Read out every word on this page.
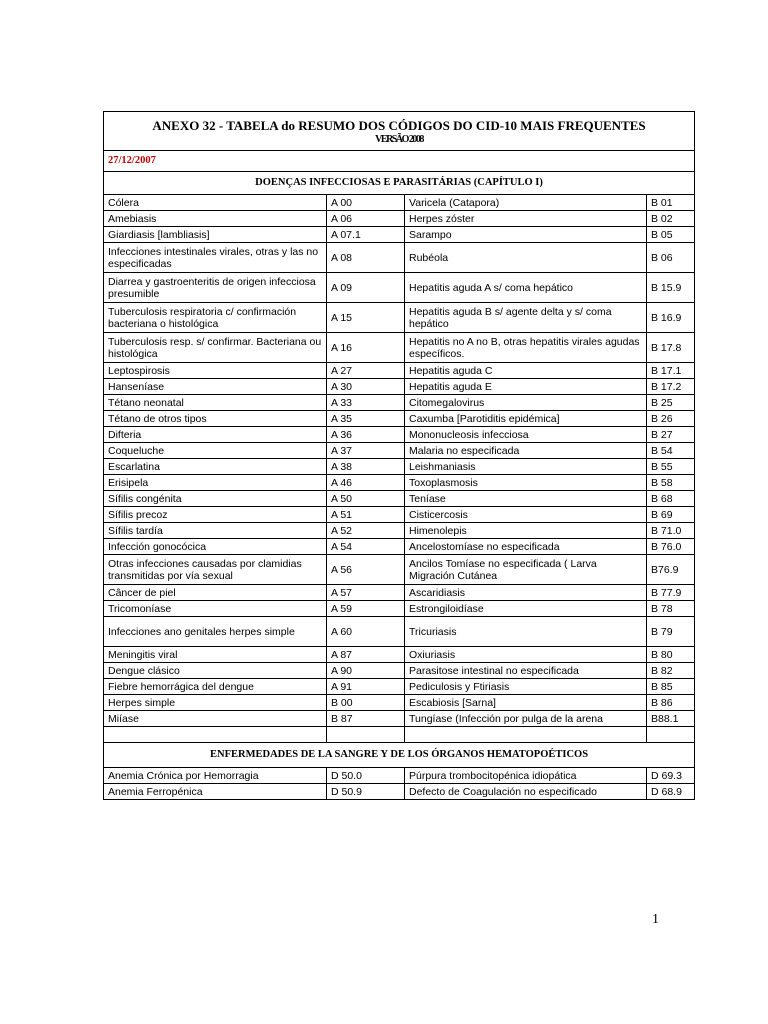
ANEXO 32 - TABELA do RESUMO DOS CÓDIGOS DO CID-10 MAIS FREQUENTES
VERSÃO 2008			

27/12/2007			
DOENÇAS INFECCIOSAS E PARASITÁRIAS (CAPÍTULO I)			
Cólera	A 00	Varicela (Catapora)	B 01
Amebiasis	A 06	Herpes zóster	B 02
Giardiasis [lambliasis]	A 07.1	Sarampo	B 05
Infecciones intestinales virales, otras y las no especificadas	A 08	Rubéola	B 06
Diarrea y gastroenteritis de origen infecciosa presumible	A 09	Hepatitis aguda A s/ coma hepático	B 15.9
Tuberculosis respiratoria c/ confirmación bacteriana o histológica	A 15	Hepatitis aguda B s/ agente delta y s/ coma hepático	B 16.9
Tuberculosis resp. s/ confirmar. Bacteriana ou histológica	A 16	Hepatitis no A no B, otras hepatitis virales agudas específicos.	B 17.8
Leptospirosis	A 27	Hepatitis aguda C	B 17.1
Hanseníase	A 30	Hepatitis aguda E	B 17.2
Tétano neonatal	A 33	Citomegalovirus	B 25
Tétano de otros tipos	A 35	Caxumba [Parotiditis epidémica]	B 26
Difteria	A 36	Mononucleosis infecciosa	B 27
Coqueluche	A 37	Malaria no especificada	B 54
Escarlatina	A 38	Leishmaniasis	B 55
Erisipela	A 46	Toxoplasmosis	B 58
Sífilis congénita	A 50	Teníase	B 68
Sífilis precoz	A 51	Cisticercosis	B 69
Sífilis tardía	A 52	Himenolepis	B 71.0
Infección gonocócica	A 54	Ancelostomíase no especificada	B 76.0
Otras infecciones causadas por clamidias transmitidas por vía sexual	A 56	Ancilos Tomíase no especificada ( Larva Migración Cutánea	B76.9
Câncer de piel	A 57	Ascaridiasis	B 77.9
Tricomoníase	A 59	Estrongiloidíase	B 78
Infecciones ano genitales herpes simple	A 60	Tricuriasis	B 79
Meningitis viral	A 87	Oxiuriasis	B 80
Dengue clásico	A 90	Parasitose intestinal no especificada	B 82
Fiebre hemorrágica del dengue	A 91	Pediculosis y Ftiriasis	B 85
Herpes simple	B 00	Escabiosis [Sarna]	B 86
Miíase	B 87	Tungíase (Infección por pulga de la arena	B88.1

ENFERMEDADES DE LA SANGRE Y DE LOS ÓRGANOS HEMATOPOÉTICOS			
Anemia Crónica por Hemorragia	D 50.0	Púrpura trombocitopénica idiopática	D 69.3
Anemia Ferropénica	D 50.9	Defecto de Coagulación no especificado	D 68.9
1
